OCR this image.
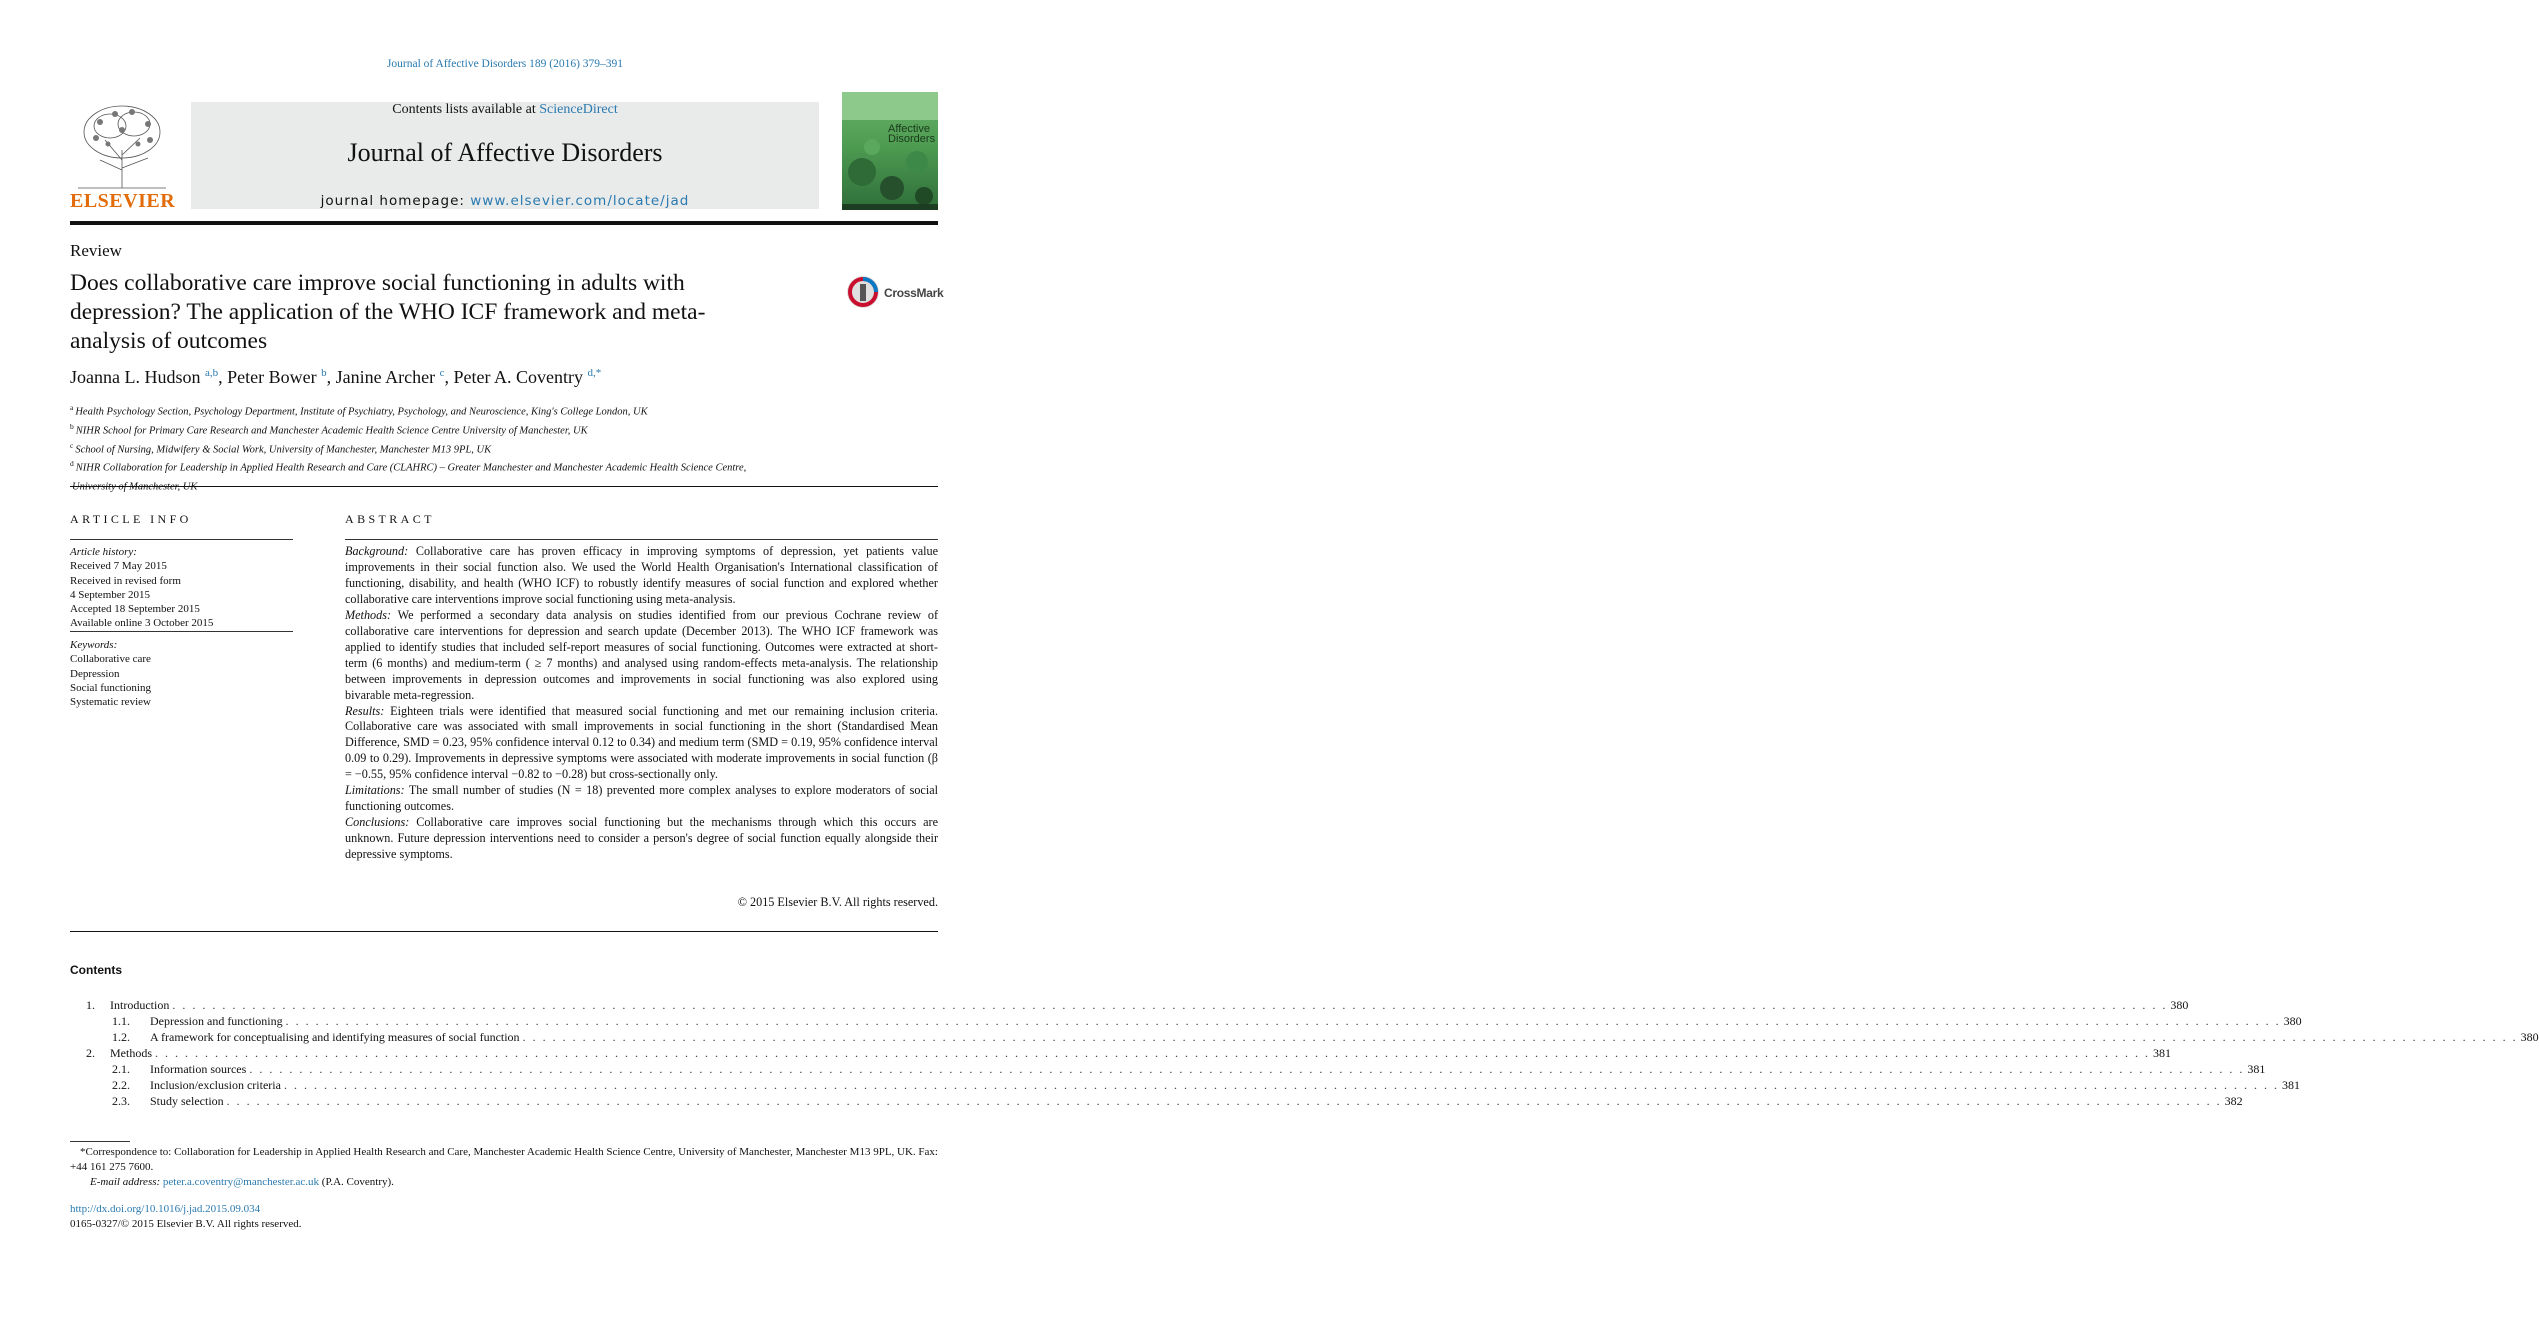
Journal of Affective Disorders 189 (2016) 379–391
ELSEVIER
Contents lists available at ScienceDirect
Journal of Affective Disorders
journal homepage: www.elsevier.com/locate/jad
Affective Disorders
Review
Does collaborative care improve social functioning in adults with depression? The application of the WHO ICF framework and meta-analysis of outcomes
CrossMark
Joanna L. Hudson $^{a,b}$, Peter Bower $^b$, Janine Archer $^c$, Peter A. Coventry $^{d,*}$
$^a$ Health Psychology Section, Psychology Department, Institute of Psychiatry, Psychology, and Neuroscience, King's College London, UK
$^b$ NIHR School for Primary Care Research and Manchester Academic Health Science Centre University of Manchester, UK
$^c$ School of Nursing, Midwifery & Social Work, University of Manchester, Manchester M13 9PL, UK
$^d$ NIHR Collaboration for Leadership in Applied Health Research and Care (CLAHRC) – Greater Manchester and Manchester Academic Health Science Centre,
ARTICLE INFO
Article history:
Received 7 May 2015
Received in revised form
4 September 2015
Accepted 18 September 2015
Available online 3 October 2015
Keywords:
Collaborative care
Depression
Social functioning
Systematic review
ABSTRACT

Background: Collaborative care has proven efficacy in improving symptoms of depression, yet patients value improvements in their social function also. We used the World Health Organisation's International classification of functioning, disability, and health (WHO ICF) to robustly identify measures of social function and explored whether collaborative care interventions improve social functioning using meta-analysis.

Methods: We performed a secondary data analysis on studies identified from our previous Cochrane review of collaborative care interventions for depression and search update (December 2013). The WHO ICF framework was applied to identify studies that included self-report measures of social functioning. Outcomes were extracted at short-term (6 months) and medium-term ( ≥ 7 months) and analysed using random-effects meta-analysis. The relationship between improvements in depression outcomes and improvements in social functioning was also explored using bivarable meta-regression.

Results: Eighteen trials were identified that measured social functioning and met our remaining inclusion criteria. Collaborative care was associated with small improvements in social functioning in the short (Standardised Mean Difference, SMD = 0.23, 95% confidence interval 0.12 to 0.34) and medium term (SMD = 0.19, 95% confidence interval 0.09 to 0.29). Improvements in depressive symptoms were associated with moderate improvements in social function (β = −0.55, 95% confidence interval −0.82 to −0.28) but cross-sectionally only.

Limitations: The small number of studies (N = 18) prevented more complex analyses to explore moderators of social functioning outcomes.

Conclusions: Collaborative care improves social functioning but the mechanisms through which this occurs are unknown. Future depression interventions need to consider a person's degree of social function equally alongside their depressive symptoms.

© 2015 Elsevier B.V. All rights reserved.
Contents
1. Introduction . . . . . . . . . . . . . . . . . . . . . . . . . . . . . . . . . . . . . . . . . . . . . . . . . . . . . . . . . . . . . . . . . . . . . . . . . . . . . . . . . . . . . . . . . . . . . . . . . . . . . . . . . . . . . . . . . . . . . . . . . . . . . . . . . . . . . . . . . . . . . . . . . . . . . . . . . . . . . . . . . . . . . . . . . . . . . . . . . . . . . . . . . . . . . . . . . . . . . . . . 380
1.1. Depression and functioning . . . . . . . . . . . . . . . . . . . . . . . . . . . . . . . . . . . . . . . . . . . . . . . . . . . . . . . . . . . . . . . . . . . . . . . . . . . . . . . . . . . . . . . . . . . . . . . . . . . . . . . . . . . . . . . . . . . . . . . . . . . . . . . . . . . . . . . . . . . . . . . . . . . . . . . . . . . . . . . . . . . . . . . . . . . . . . . . . . . . . . . . . . . . . . . . . . . . . . . . 380
1.2. A framework for conceptualising and identifying measures of social function . . . . . . . . . . . . . . . . . . . . . . . . . . . . . . . . . . . . . . . . . . . . . . . . . . . . . . . . . . . . . . . . . . . . . . . . . . . . . . . . . . . . . . . . . . . . . . . . . . . . . . . . . . . . . . . . . . . . . . . . . . . . . . . . . . . . . . . . . . . . . . . . . . . . . . . . . . . . . . . . . . . . . . . . . . . . . . . . . . . . . . . . . . . . . . . . . . . . . . . . 380
2. Methods . . . . . . . . . . . . . . . . . . . . . . . . . . . . . . . . . . . . . . . . . . . . . . . . . . . . . . . . . . . . . . . . . . . . . . . . . . . . . . . . . . . . . . . . . . . . . . . . . . . . . . . . . . . . . . . . . . . . . . . . . . . . . . . . . . . . . . . . . . . . . . . . . . . . . . . . . . . . . . . . . . . . . . . . . . . . . . . . . . . . . . . . . . . . . . . . . . . . . . . . 381
2.1. Information sources . . . . . . . . . . . . . . . . . . . . . . . . . . . . . . . . . . . . . . . . . . . . . . . . . . . . . . . . . . . . . . . . . . . . . . . . . . . . . . . . . . . . . . . . . . . . . . . . . . . . . . . . . . . . . . . . . . . . . . . . . . . . . . . . . . . . . . . . . . . . . . . . . . . . . . . . . . . . . . . . . . . . . . . . . . . . . . . . . . . . . . . . . . . . . . . . . . . . . . . . 381
2.2. Inclusion/exclusion criteria . . . . . . . . . . . . . . . . . . . . . . . . . . . . . . . . . . . . . . . . . . . . . . . . . . . . . . . . . . . . . . . . . . . . . . . . . . . . . . . . . . . . . . . . . . . . . . . . . . . . . . . . . . . . . . . . . . . . . . . . . . . . . . . . . . . . . . . . . . . . . . . . . . . . . . . . . . . . . . . . . . . . . . . . . . . . . . . . . . . . . . . . . . . . . . . . . . . . . . . . 381
2.3. Study selection . . . . . . . . . . . . . . . . . . . . . . . . . . . . . . . . . . . . . . . . . . . . . . . . . . . . . . . . . . . . . . . . . . . . . . . . . . . . . . . . . . . . . . . . . . . . . . . . . . . . . . . . . . . . . . . . . . . . . . . . . . . . . . . . . . . . . . . . . . . . . . . . . . . . . . . . . . . . . . . . . . . . . . . . . . . . . . . . . . . . . . . . . . . . . . . . . . . . . . . . 382
*Correspondence to: Collaboration for Leadership in Applied Health Research and Care, Manchester Academic Health Science Centre, University of Manchester, Manchester M13 9PL, UK. Fax: +44 161 275 7600.
E-mail address: peter.a.coventry@manchester.ac.uk (P.A. Coventry).
http://dx.doi.org/10.1016/j.jad.2015.09.034
0165-0327/© 2015 Elsevier B.V. All rights reserved.
